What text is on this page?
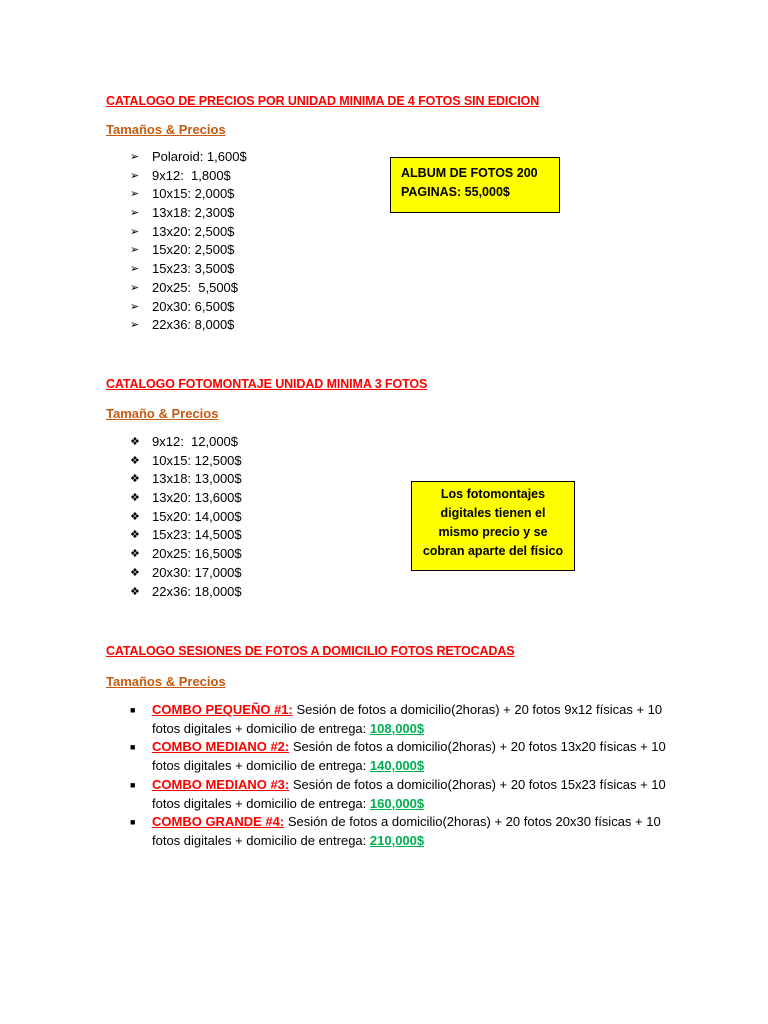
CATALOGO DE PRECIOS POR UNIDAD MINIMA DE 4 FOTOS SIN EDICION
Tamaños & Precios
➢ Polaroid: 1,600$
➢ 9x12:  1,800$
➢ 10x15: 2,000$
➢ 13x18: 2,300$
➢ 13x20: 2,500$
➢ 15x20: 2,500$
➢ 15x23: 3,500$
➢ 20x25:  5,500$
➢ 20x30: 6,500$
➢ 22x36: 8,000$
ALBUM DE FOTOS 200
PAGINAS: 55,000$
CATALOGO FOTOMONTAJE UNIDAD MINIMA 3 FOTOS
Tamaño & Precios
❖ 9x12:  12,000$
❖ 10x15: 12,500$
❖ 13x18: 13,000$
❖ 13x20: 13,600$
❖ 15x20: 14,000$
❖ 15x23: 14,500$
❖ 20x25: 16,500$
❖ 20x30: 17,000$
❖ 22x36: 18,000$
Los fotomontajes
digitales tienen el
mismo precio y se
cobran aparte del físico
CATALOGO SESIONES DE FOTOS A DOMICILIO FOTOS RETOCADAS
Tamaños & Precios
■	COMBO PEQUEÑO #1: Sesión de fotos a domicilio(2horas) + 20 fotos 9x12 físicas + 10 fotos digitales + domicilio de entrega: 108,000$
■	COMBO MEDIANO #2: Sesión de fotos a domicilio(2horas) + 20 fotos 13x20 físicas + 10 fotos digitales + domicilio de entrega: 140,000$
■	COMBO MEDIANO #3: Sesión de fotos a domicilio(2horas) + 20 fotos 15x23 físicas + 10 fotos digitales + domicilio de entrega: 160,000$
■	COMBO GRANDE #4: Sesión de fotos a domicilio(2horas) + 20 fotos 20x30 físicas + 10 fotos digitales + domicilio de entrega: 210,000$
